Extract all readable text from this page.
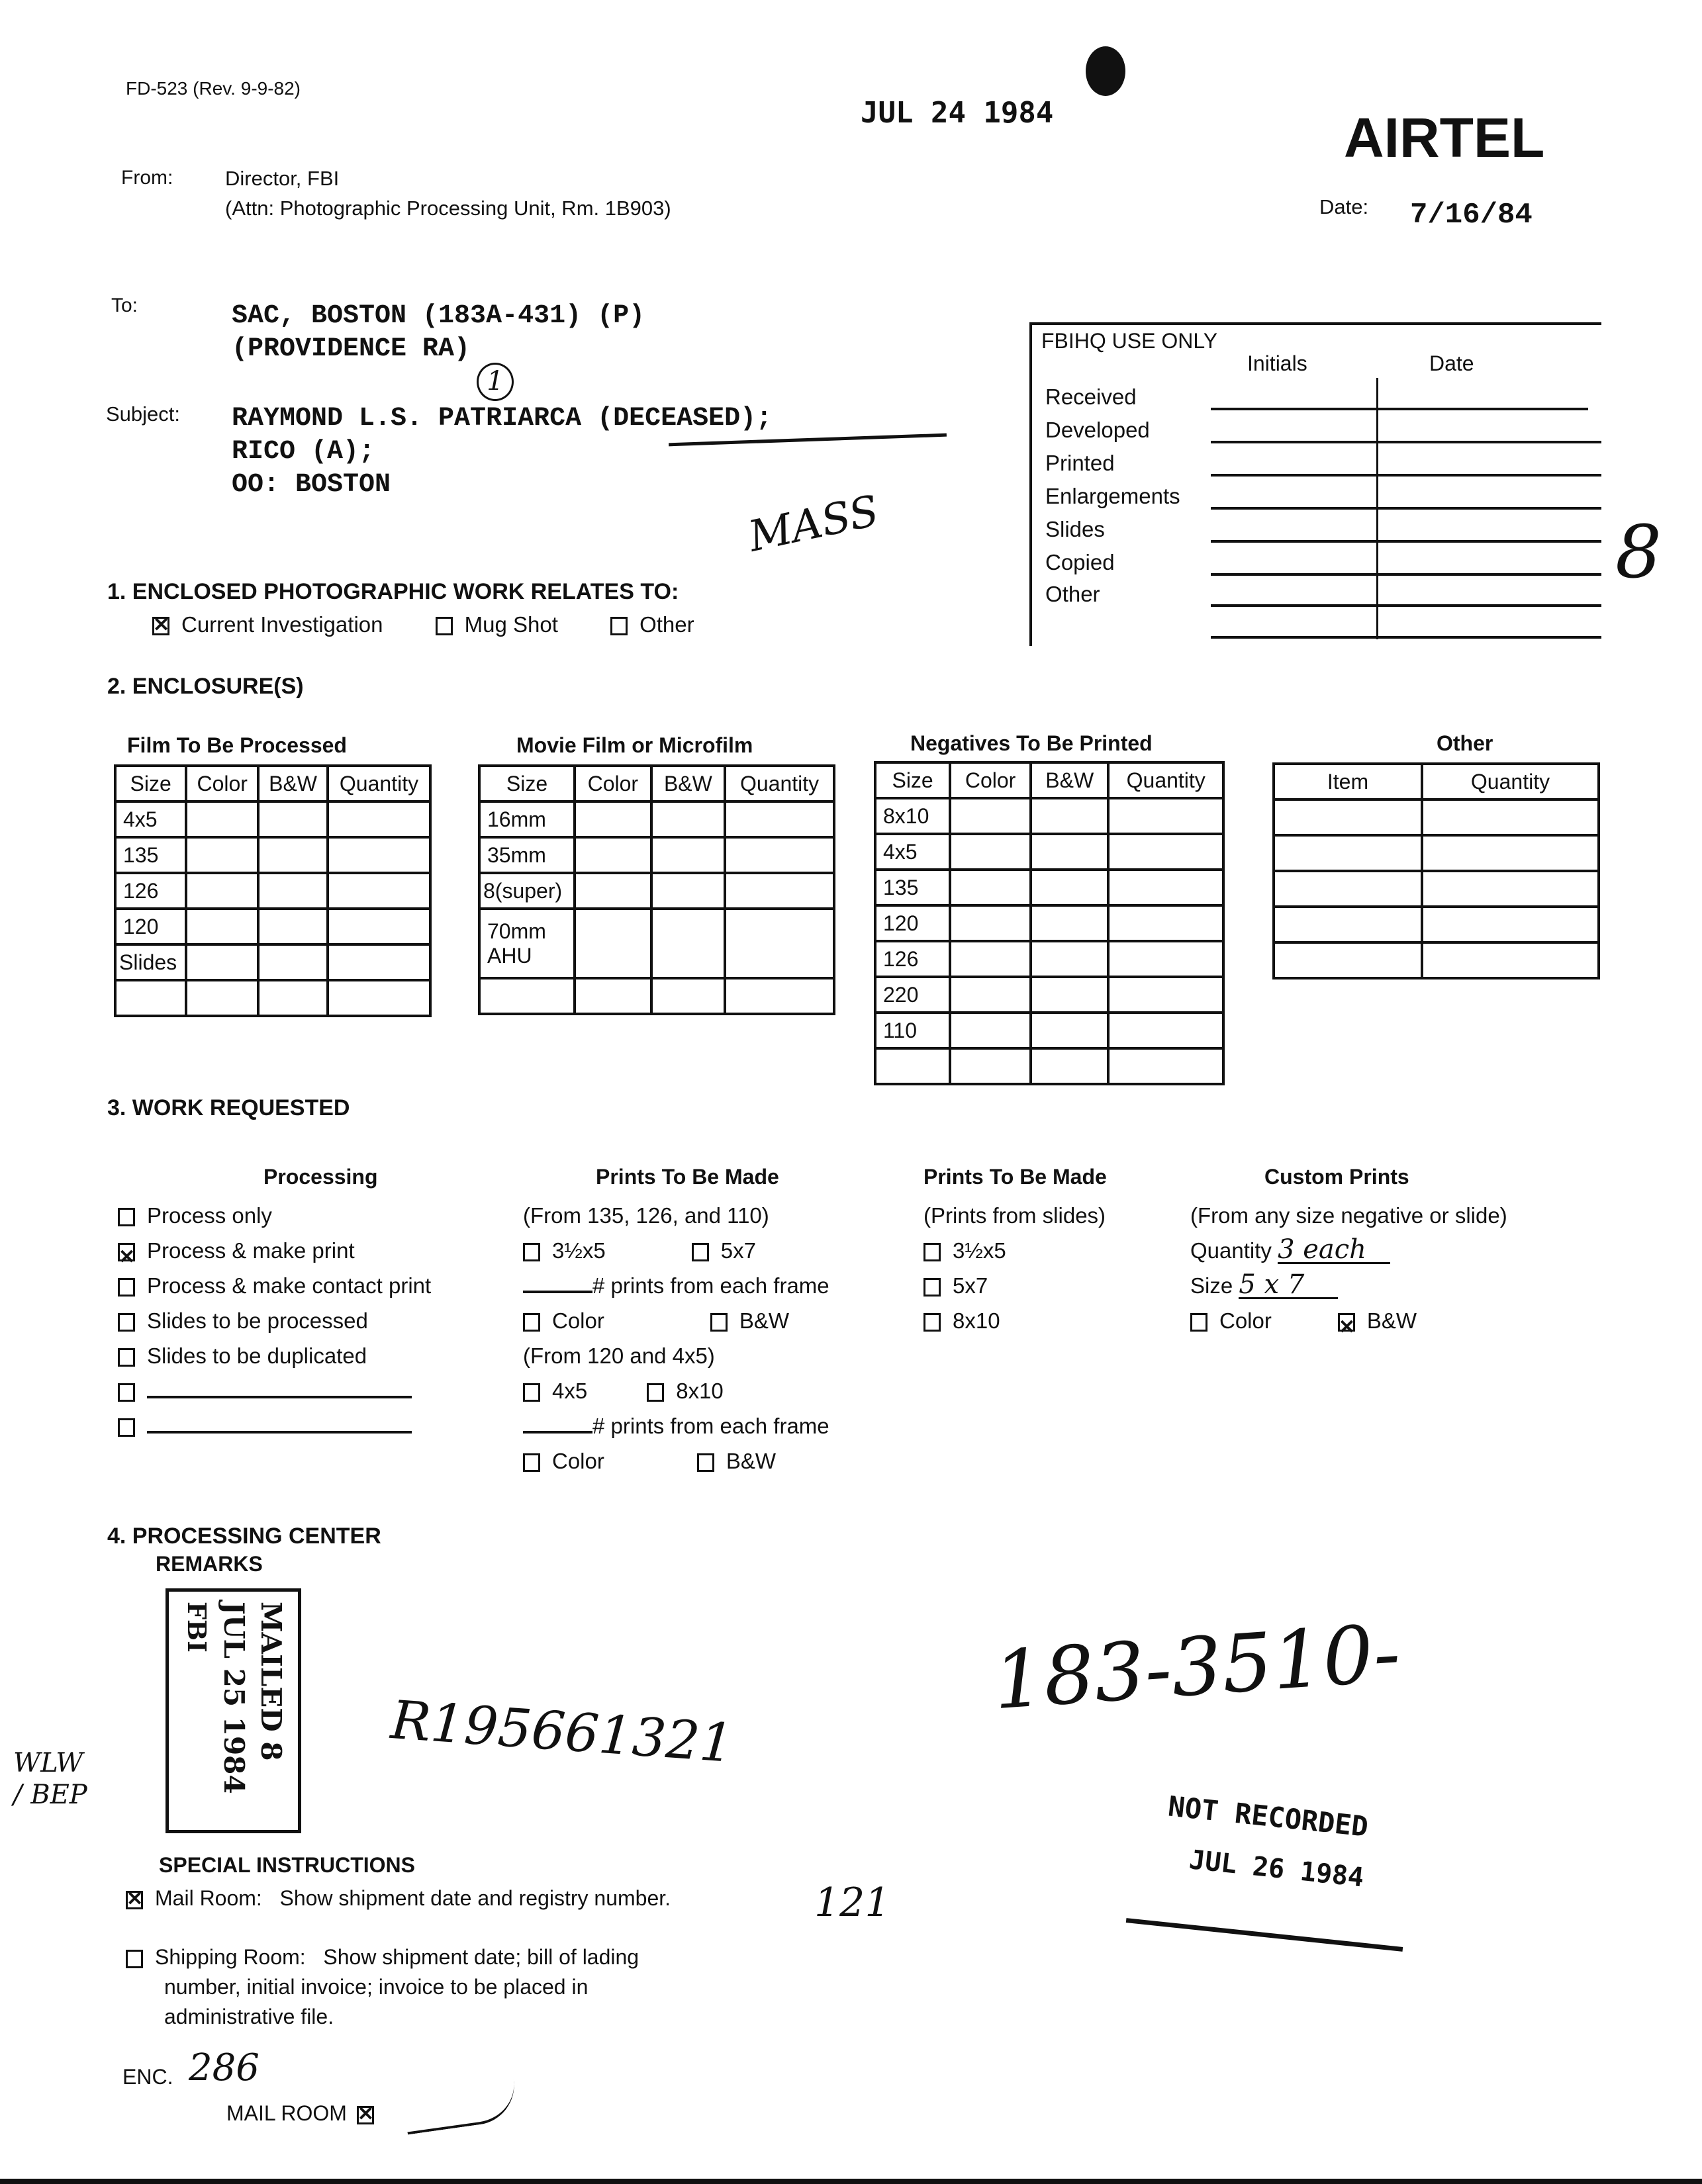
FD-523 (Rev. 9-9-82)
JUL 24 1984	AIRTEL
From:	Director, FBI
(Attn: Photographic Processing Unit, Rm. 1B903)	Date: 7/16/84
To:	SAC, BOSTON (183A-431) (P)
(PROVIDENCE RA)
1
Subject: RAYMOND L.S. PATRIARCA (DECEASED);
RICO (A);
OO: BOSTON
MASS	8
FBIHQ USE ONLY
Initials	Date
Received
Developed
Printed
Enlargements
Slides
Copied
Other
1. ENCLOSED PHOTOGRAPHIC WORK RELATES TO:
✕Current Investigation	Mug Shot	Other
2. ENCLOSURE(S)
Film To Be Processed
Size	Color	B&W	Quantity
4x5			
135			
126			
120			
Slides			

Movie Film or Microfilm
Size	Color	B&W	Quantity
16mm			
35mm			
8(super)			
70mm AHU			

Negatives To Be Printed
Size	Color	B&W	Quantity
8x10			
4x5			
135			
120			
126			
220			
110			

Other
Item	Quantity

3. WORK REQUESTED
Processing
Process only
✕Process & make print
Process & make contact print
Slides to be processed
Slides to be duplicated
Prints To Be Made
(From 135, 126, and 110)
3½x5	5x7
# prints from each frame
Color	B&W
(From 120 and 4x5)
4x5	8x10
# prints from each frame
Color	B&W
Prints To Be Made
(Prints from slides)
3½x5
5x7
8x10
Custom Prints
(From any size negative or slide)
Quantity 3 each
Size 5 x 7
Color ✕	B&W
4. PROCESSING CENTER
REMARKS
MAILED 8
JUL 25 1984
FBI
R195661321
183-3510-
WLW / BEP	NOT RECORDED
JUL 26 1984
SPECIAL INSTRUCTIONS
✕Mail Room: Show shipment date and registry number.
Shipping Room: Show shipment date; bill of lading
number, initial invoice; invoice to be placed in
administrative file.
121
ENC. 286
MAIL ROOM ✕
